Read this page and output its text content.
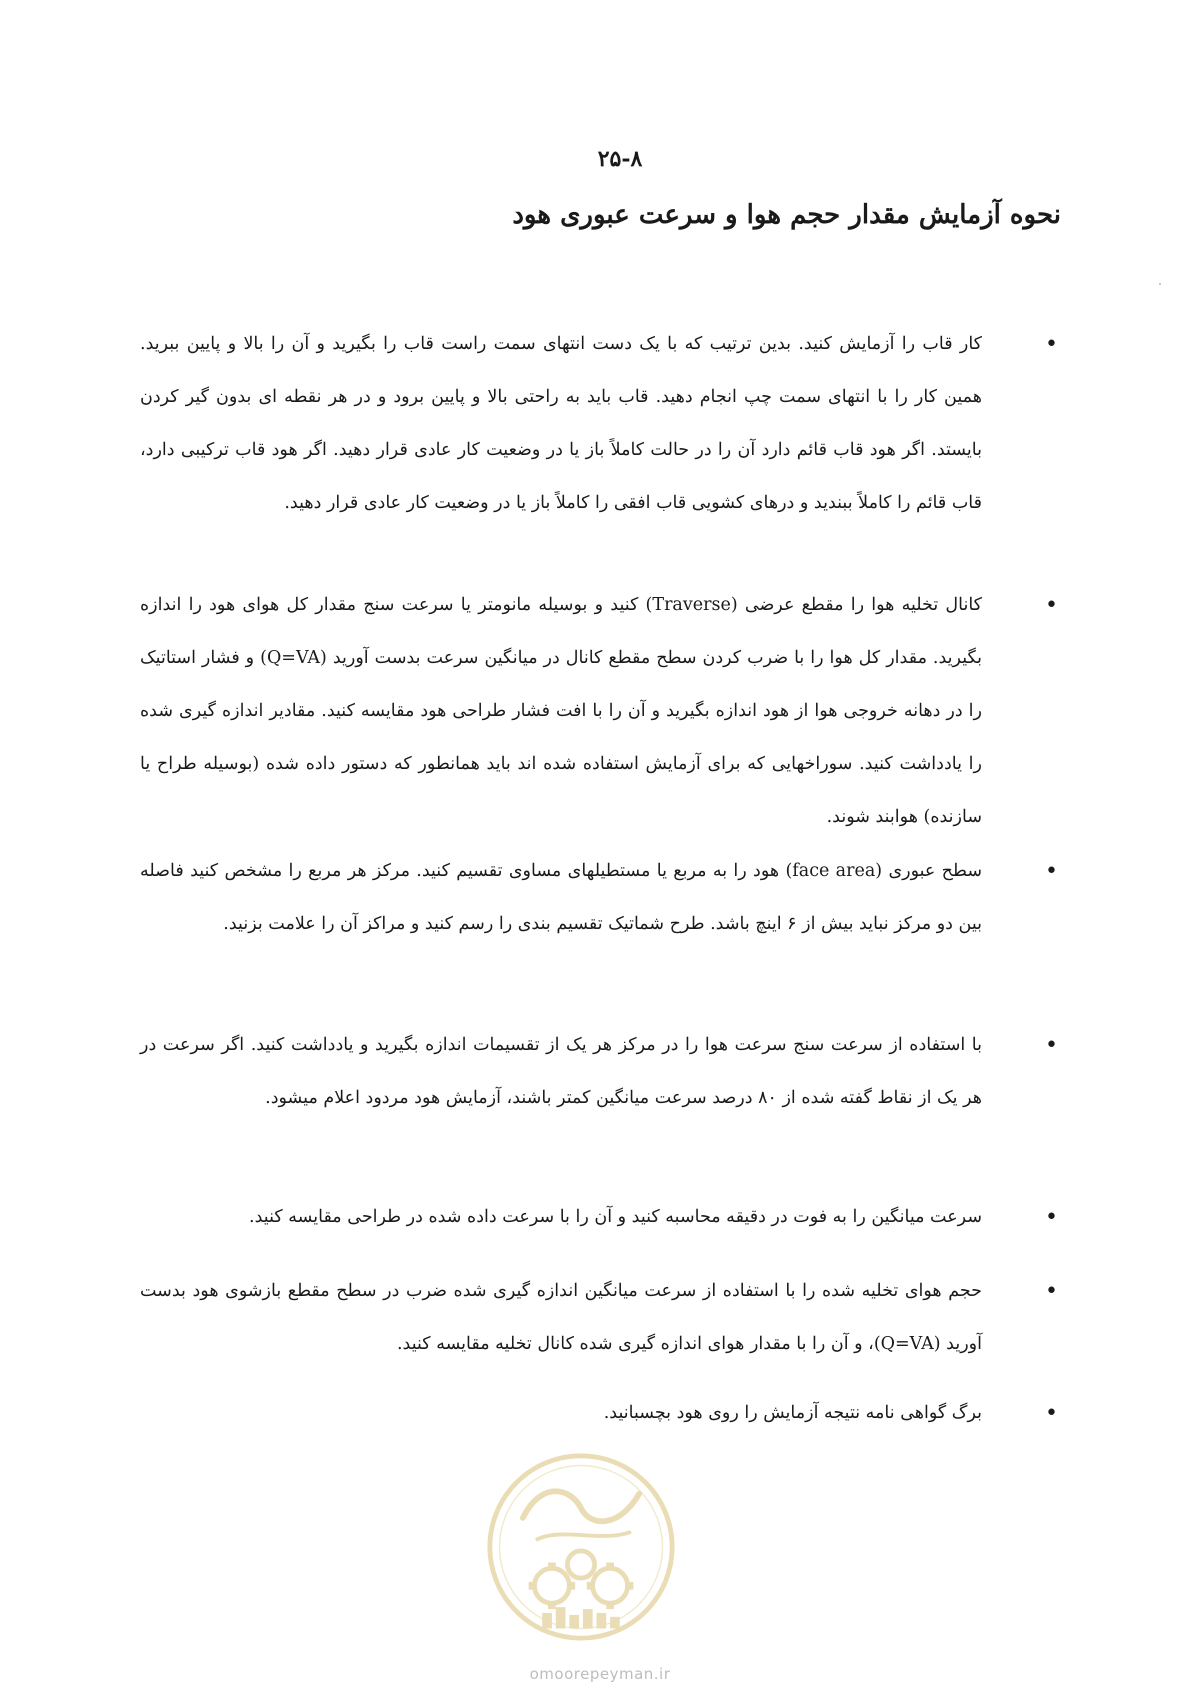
۲۵-۸
نحوه آزمایش مقدار حجم هوا و سرعت عبوری هود
•
کار قاب را آزمایش کنید. بدین ترتیب که با یک دست انتهای سمت راست قاب را بگیرید و آن را بالا و پایین ببرید. همین کار را با انتهای سمت چپ انجام دهید. قاب باید به راحتی بالا و پایین برود و در هر نقطه ای بدون گیر کردن بایستد. اگر هود قاب قائم دارد آن را در حالت کاملاً باز یا در وضعیت کار عادی قرار دهید. اگر هود قاب ترکیبی دارد، قاب قائم را کاملاً ببندید و درهای کشویی قاب افقی را کاملاً باز یا در وضعیت کار عادی قرار دهید.
•
کانال تخلیه هوا را مقطع عرضی (Traverse) کنید و بوسیله مانومتر یا سرعت سنج مقدار کل هوای هود را اندازه بگیرید. مقدار کل هوا را با ضرب کردن سطح مقطع کانال در میانگین سرعت بدست آورید (Q=VA) و فشار استاتیک را در دهانه خروجی هوا از هود اندازه بگیرید و آن را با افت فشار طراحی هود مقایسه کنید. مقادیر اندازه گیری شده را یادداشت کنید. سوراخهایی که برای آزمایش استفاده شده اند باید همانطور که دستور داده شده (بوسیله طراح یا سازنده) هوابند شوند.
•
سطح عبوری (face area) هود را به مربع یا مستطیلهای مساوی تقسیم کنید. مرکز هر مربع را مشخص کنید فاصله بین دو مرکز نباید بیش از ۶ اینچ باشد. طرح شماتیک تقسیم بندی را رسم کنید و مراکز آن را علامت بزنید.
•
با استفاده از سرعت سنج سرعت هوا را در مرکز هر یک از تقسیمات اندازه بگیرید و یادداشت کنید. اگر سرعت در هر یک از نقاط گفته شده از ۸۰ درصد سرعت میانگین کمتر باشند، آزمایش هود مردود اعلام میشود.
•
سرعت میانگین را به فوت در دقیقه محاسبه کنید و آن را با سرعت داده شده در طراحی مقایسه کنید.
•
حجم هوای تخلیه شده را با استفاده از سرعت میانگین اندازه گیری شده ضرب در سطح مقطع بازشوی هود بدست آورید (Q=VA)، و آن را با مقدار هوای اندازه گیری شده کانال تخلیه مقایسه کنید.
•
برگ گواهی نامه نتیجه آزمایش را روی هود بچسبانید.
omoorepeyman.ir
